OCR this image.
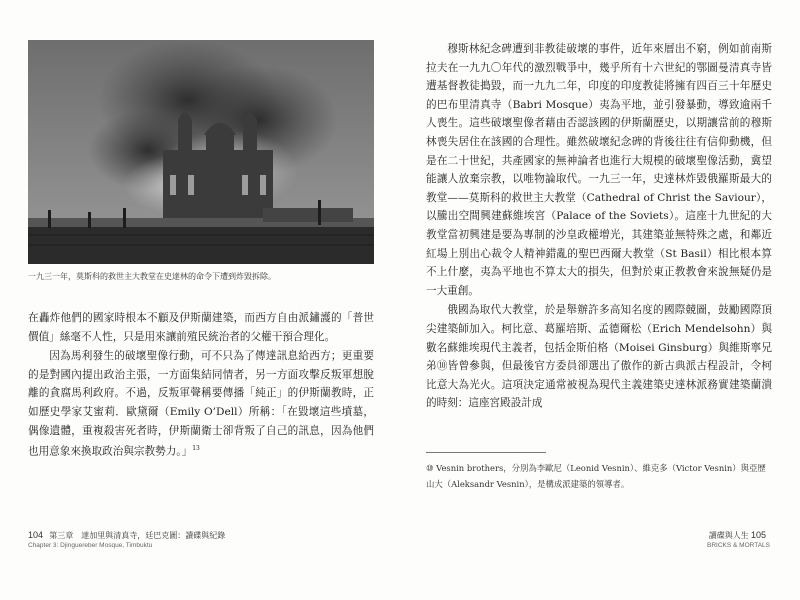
一九三一年，莫斯科的救世主大教堂在史達林的命令下遭到炸毀拆除。

在轟炸他們的國家時根本不顧及伊斯蘭建築，而西方自由派鏽護的「普世價值」絲毫不人性，只是用來讓前殖民統治者的父權干預合理化。

因為馬利發生的破壞聖像行動，可不只為了傳達訊息給西方；更重要的是對國內提出政治主張，一方面集結同情者，另一方面攻擊反叛軍想脫離的貪腐馬利政府。不過，反叛軍聲稱要傳播「純正」的伊斯蘭教時，正如歷史學家艾蜜莉．歐黛爾（Emily O’Dell）所稱：「在毀壞這些墳墓，偶像遺體，重複殺害死者時，伊斯蘭衛士卻背叛了自己的訊息，因為他們也用意象來換取政治與宗教勢力。」$^{13}$

104 第三章　達加里與清真寺，廷巴克圖：讀碟與紀錄
Chapter 3: Djinguereber Mosque, Timbuktu

穆斯林紀念碑遭到非教徒破壞的事件，近年來層出不窮，例如前南斯拉夫在一九九〇年代的激烈戰爭中，幾乎所有十六世紀的鄂圖曼清真寺皆遭基督教徒搗毀，而一九九二年，印度的印度教徒將擁有四百三十年歷史的巴布里清真寺（Babri Mosque）夷為平地，並引發暴動，導致逾兩千人喪生。這些破壞聖像者藉由否認該國的伊斯蘭歷史，以期讓當前的穆斯林喪失居住在該國的合理性。雖然破壞紀念碑的背後往往有信仰動機，但是在二十世紀，共產國家的無神論者也進行大規模的破壞聖像活動，冀望能讓人放棄宗教，以唯物論取代。一九三一年，史達林炸毀俄羅斯最大的教堂——莫斯科的救世主大教堂（Cathedral of Christ the Saviour），以騰出空間興建蘇維埃宮（Palace of the Soviets）。這座十九世紀的大教堂當初興建是要為專制的沙皇政權增光，其建築並無特殊之處，和鄰近紅場上別出心裁令人精神錯亂的聖巴西爾大教堂（St Basil）相比根本算不上什麼，夷為平地也不算太大的損失，但對於東正教教會來說無疑仍是一大重創。

俄國為取代大教堂，於是舉辦許多高知名度的國際競圖，鼓勵國際頂尖建築師加入。柯比意、葛羅培斯、孟德爾松（Erich Mendelsohn）與數名蘇維埃現代主義者，包括金斯伯格（Moisei Ginsburg）與維斯寧兄弟⑩皆曾參與，但最後官方委員卻選出了傲作的新古典派古程設計，令柯比意大為光火。這項決定通常被視為現代主義建築史達林派務實建築蘭潰的時刻：這座宮殿設計成

⑩ Vesnin brothers，分別為李歐尼（Leonid Vesnin）、維克多（Victor Vesnin）與亞歷山大（Aleksandr Vesnin），是構成派建築的領導者。
讀碟與人生 105
BRICKS & MORTALS
